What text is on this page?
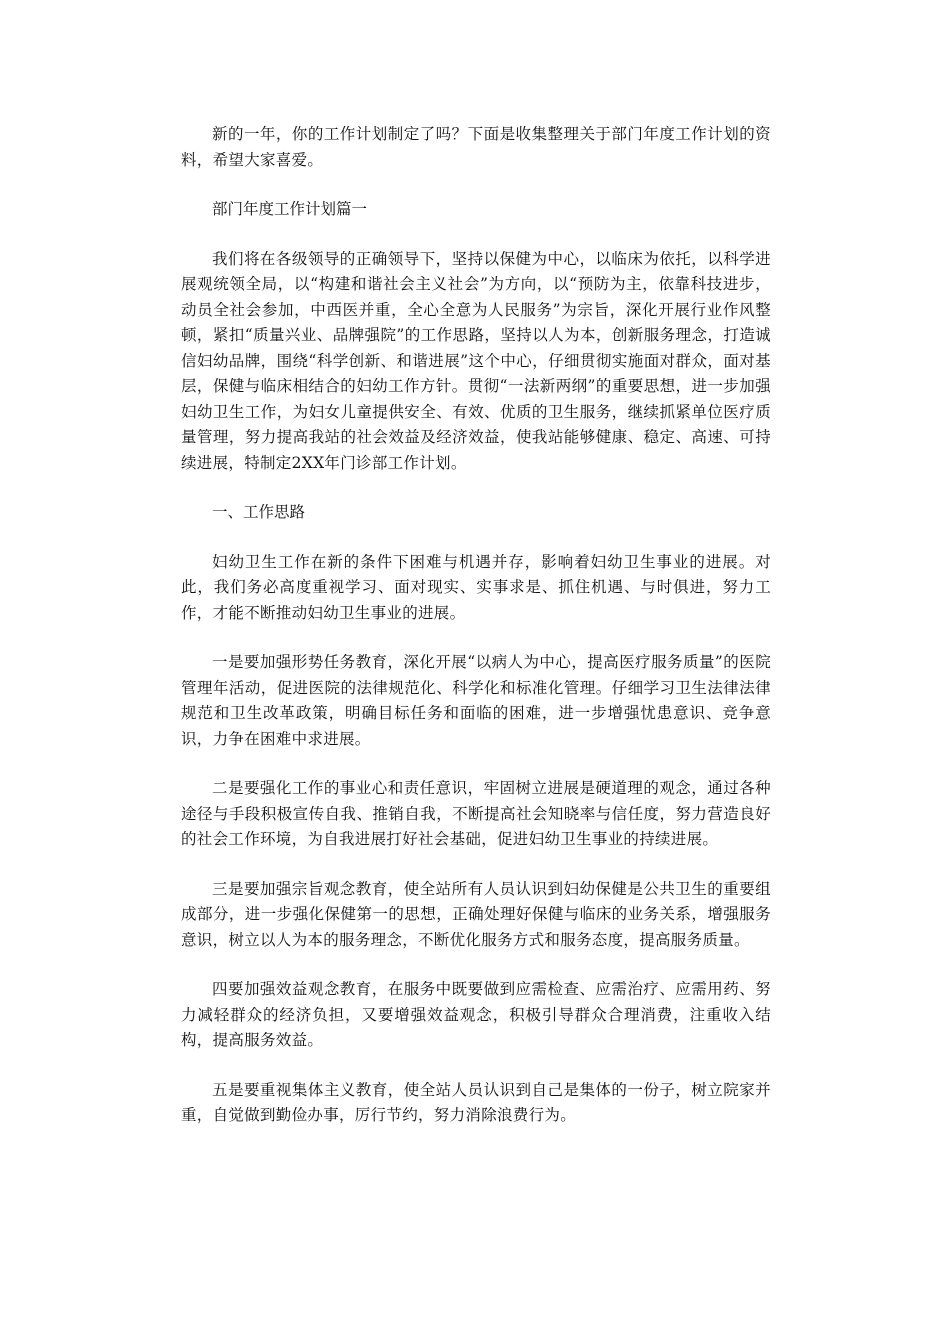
新的一年，你的工作计划制定了吗？下面是收集整理关于部门年度工作计划的资料，希望大家喜爱。

部门年度工作计划篇一

我们将在各级领导的正确领导下，坚持以保健为中心，以临床为依托，以科学进展观统领全局，以“构建和谐社会主义社会”为方向，以“预防为主，依靠科技进步，动员全社会参加，中西医并重，全心全意为人民服务”为宗旨，深化开展行业作风整顿，紧扣“质量兴业、品牌强院”的工作思路，坚持以人为本，创新服务理念，打造诚信妇幼品牌，围绕“科学创新、和谐进展”这个中心，仔细贯彻实施面对群众，面对基层，保健与临床相结合的妇幼工作方针。贯彻“一法新两纲”的重要思想，进一步加强妇幼卫生工作，为妇女儿童提供安全、有效、优质的卫生服务，继续抓紧单位医疗质量管理，努力提高我站的社会效益及经济效益，使我站能够健康、稳定、高速、可持续进展，特制定2XX年门诊部工作计划。

一、工作思路

妇幼卫生工作在新的条件下困难与机遇并存，影响着妇幼卫生事业的进展。对此，我们务必高度重视学习、面对现实、实事求是、抓住机遇、与时俱进，努力工作，才能不断推动妇幼卫生事业的进展。

一是要加强形势任务教育，深化开展“以病人为中心，提高医疗服务质量”的医院管理年活动，促进医院的法律规范化、科学化和标准化管理。仔细学习卫生法律法律规范和卫生改革政策，明确目标任务和面临的困难，进一步增强忧患意识、竞争意识，力争在困难中求进展。

二是要强化工作的事业心和责任意识，牢固树立进展是硬道理的观念，通过各种途径与手段积极宣传自我、推销自我，不断提高社会知晓率与信任度，努力营造良好的社会工作环境，为自我进展打好社会基础，促进妇幼卫生事业的持续进展。

三是要加强宗旨观念教育，使全站所有人员认识到妇幼保健是公共卫生的重要组成部分，进一步强化保健第一的思想，正确处理好保健与临床的业务关系，增强服务意识，树立以人为本的服务理念，不断优化服务方式和服务态度，提高服务质量。

四要加强效益观念教育，在服务中既要做到应需检查、应需治疗、应需用药、努力减轻群众的经济负担，又要增强效益观念，积极引导群众合理消费，注重收入结构，提高服务效益。

五是要重视集体主义教育，使全站人员认识到自己是集体的一份子，树立院家并重，自觉做到勤俭办事，厉行节约，努力消除浪费行为。
